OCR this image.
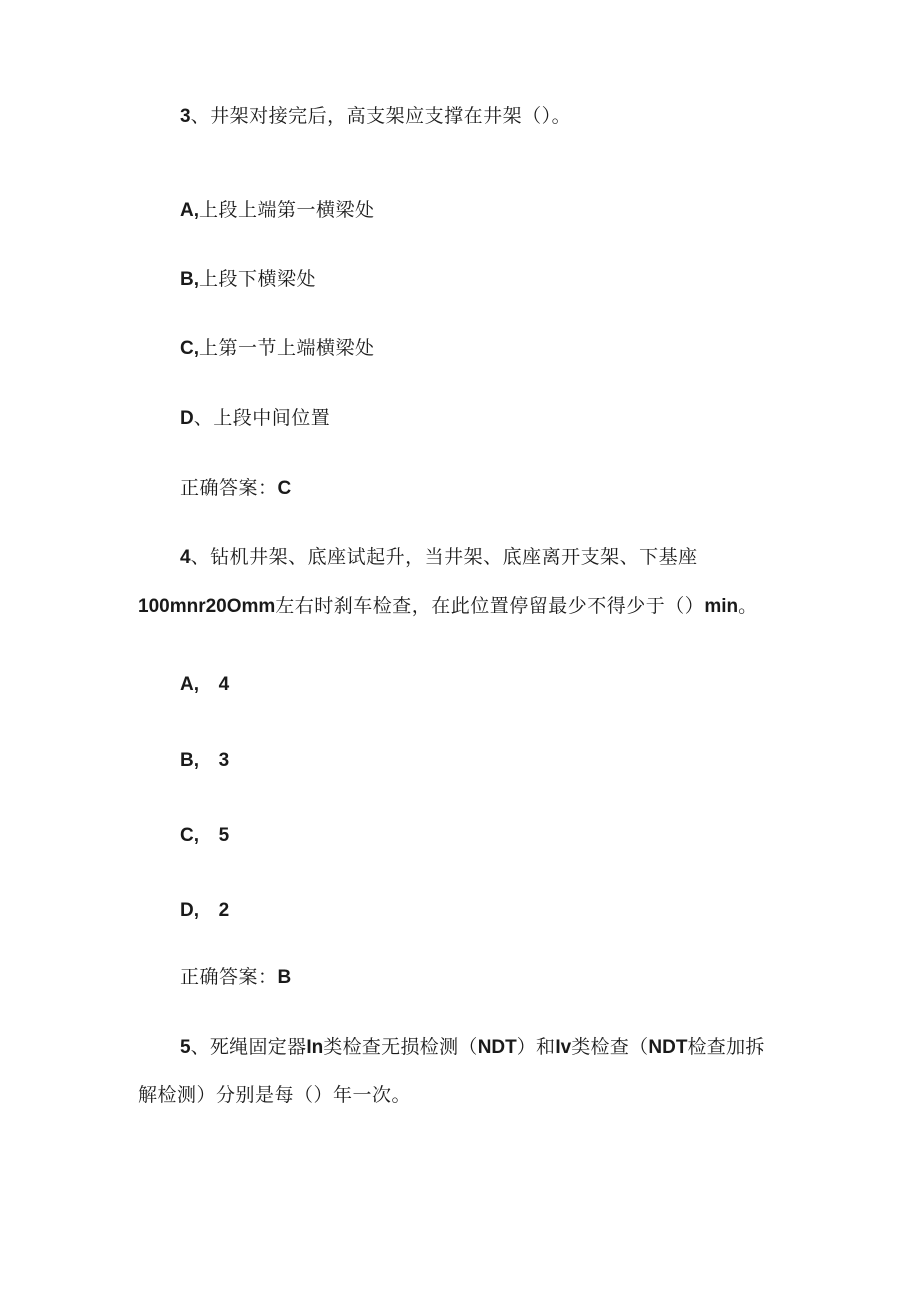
3、井架对接完后，高支架应支撑在井架（）。
A,上段上端第一横梁处
B,上段下横梁处
C,上第一节上端横梁处
D、上段中间位置
正确答案：C
4、钻机井架、底座试起升，当井架、底座离开支架、下基座
100mnr20Omm左右时刹车检查，在此位置停留最少不得少于（）min。
A, 4
B, 3
C, 5
D, 2
正确答案：B
5、死绳固定器In类检查无损检测（NDT）和Iv类检查（NDT检查加拆
解检测）分别是每（）年一次。
